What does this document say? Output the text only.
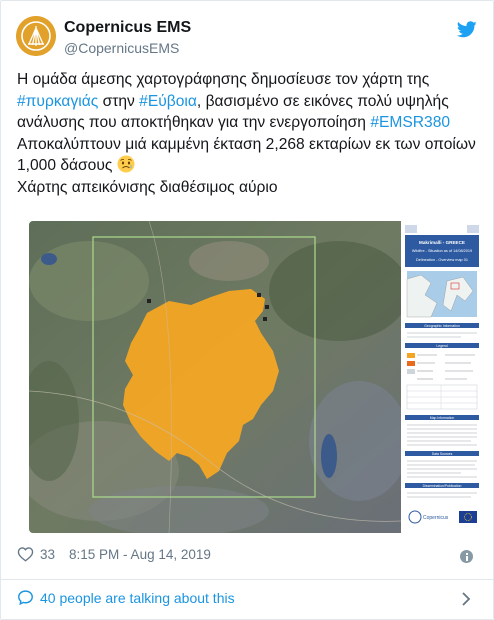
Copernicus EMS
@CopernicusEMS

Η ομάδα άμεσης χαρτογράφησης δημοσίευσε τον χάρτη της #πυρκαγιάς στην #Εύβοια, βασισμένο σε εικόνες πολύ υψηλής ανάλυσης που αποκτήθηκαν για την ενεργοποίηση #EMSR380

Αποκαλύπτουν μιά καμμένη έκταση 2,268 εκταρίων εκ των οποίων 1,000 δάσους

Χάρτης απεικόνισης διαθέσιμος αύριο

Makrimalli - GREECE
Wildfire - Situation as of 14/08/2019
Delineation - Overview map 01
Geographic Information
Legend
Map Information
Data Sources
Dissemination/Publication
Copernicus
33 8:15 PM - Aug 14, 2019
40 people are talking about this
